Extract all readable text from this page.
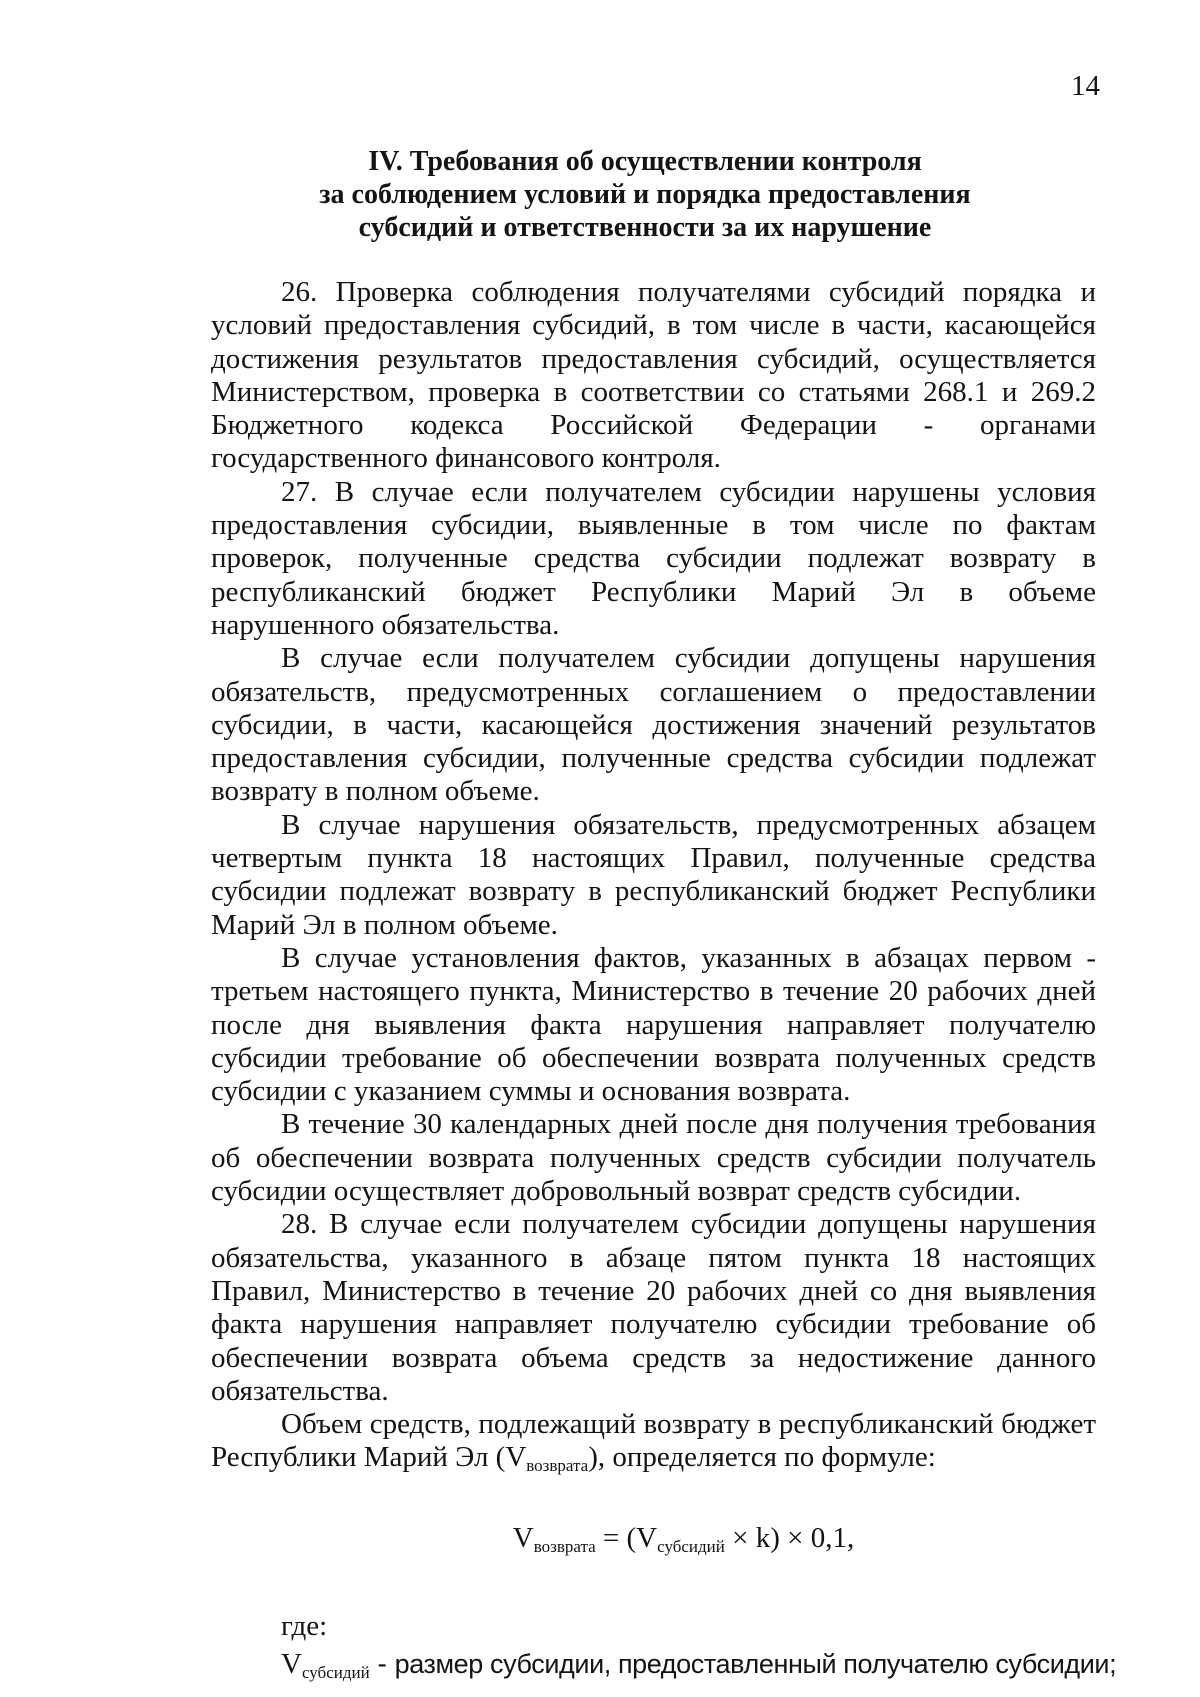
14
IV. Требования об осуществлении контроля
за соблюдением условий и порядка предоставления
субсидий и ответственности за их нарушение

26. Проверка соблюдения получателями субсидий порядка и условий предоставления субсидий, в том числе в части, касающейся достижения результатов предоставления субсидий, осуществляется Министерством, проверка в соответствии со статьями 268.1 и 269.2 Бюджетного кодекса Российской Федерации - органами государственного финансового контроля.

27. В случае если получателем субсидии нарушены условия предоставления субсидии, выявленные в том числе по фактам проверок, полученные средства субсидии подлежат возврату в республиканский бюджет Республики Марий Эл в объеме нарушенного обязательства.

В случае если получателем субсидии допущены нарушения обязательств, предусмотренных соглашением о предоставлении субсидии, в части, касающейся достижения значений результатов предоставления субсидии, полученные средства субсидии подлежат возврату в полном объеме.

В случае нарушения обязательств, предусмотренных абзацем четвертым пункта 18 настоящих Правил, полученные средства субсидии подлежат возврату в республиканский бюджет Республики Марий Эл в полном объеме.

В случае установления фактов, указанных в абзацах первом - третьем настоящего пункта, Министерство в течение 20 рабочих дней после дня выявления факта нарушения направляет получателю субсидии требование об обеспечении возврата полученных средств субсидии с указанием суммы и основания возврата.

В течение 30 календарных дней после дня получения требования об обеспечении возврата полученных средств субсидии получатель субсидии осуществляет добровольный возврат средств субсидии.

28. В случае если получателем субсидии допущены нарушения обязательства, указанного в абзаце пятом пункта 18 настоящих Правил, Министерство в течение 20 рабочих дней со дня выявления факта нарушения направляет получателю субсидии требование об обеспечении возврата объема средств за недостижение данного обязательства.

Объем средств, подлежащий возврату в республиканский бюджет Республики Марий Эл (Vвозврата), определяется по формуле:

Vвозврата = (Vсубсидий × k) × 0,1,

где:

Vсубсидий - размер субсидии, предоставленный получателю субсидии;
